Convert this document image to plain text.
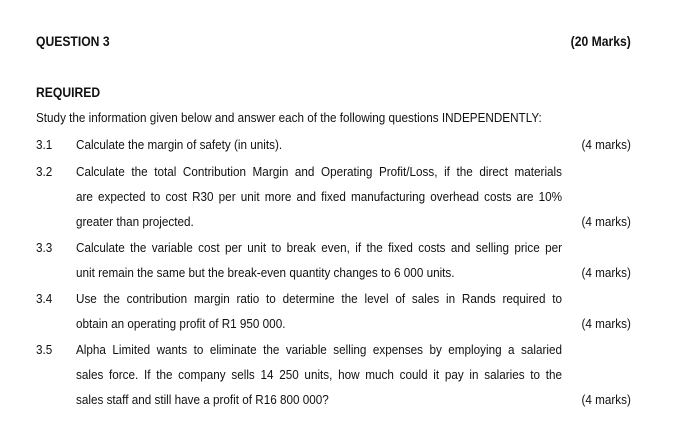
QUESTION 3	(20 Marks)
REQUIRED
Study the information given below and answer each of the following questions INDEPENDENTLY:
3.1 Calculate the margin of safety (in units).	(4 marks)
3.2 Calculate the total Contribution Margin and Operating Profit/Loss, if the direct materials
are expected to cost R30 per unit more and fixed manufacturing overhead costs are 10%
greater than projected.	(4 marks)
3.3 Calculate the variable cost per unit to break even, if the fixed costs and selling price per
unit remain the same but the break-even quantity changes to 6 000 units.	(4 marks)
3.4 Use the contribution margin ratio to determine the level of sales in Rands required to
obtain an operating profit of R1 950 000.	(4 marks)
3.5 Alpha Limited wants to eliminate the variable selling expenses by employing a salaried
sales force. If the company sells 14 250 units, how much could it pay in salaries to the
sales staff and still have a profit of R16 800 000?	(4 marks)
